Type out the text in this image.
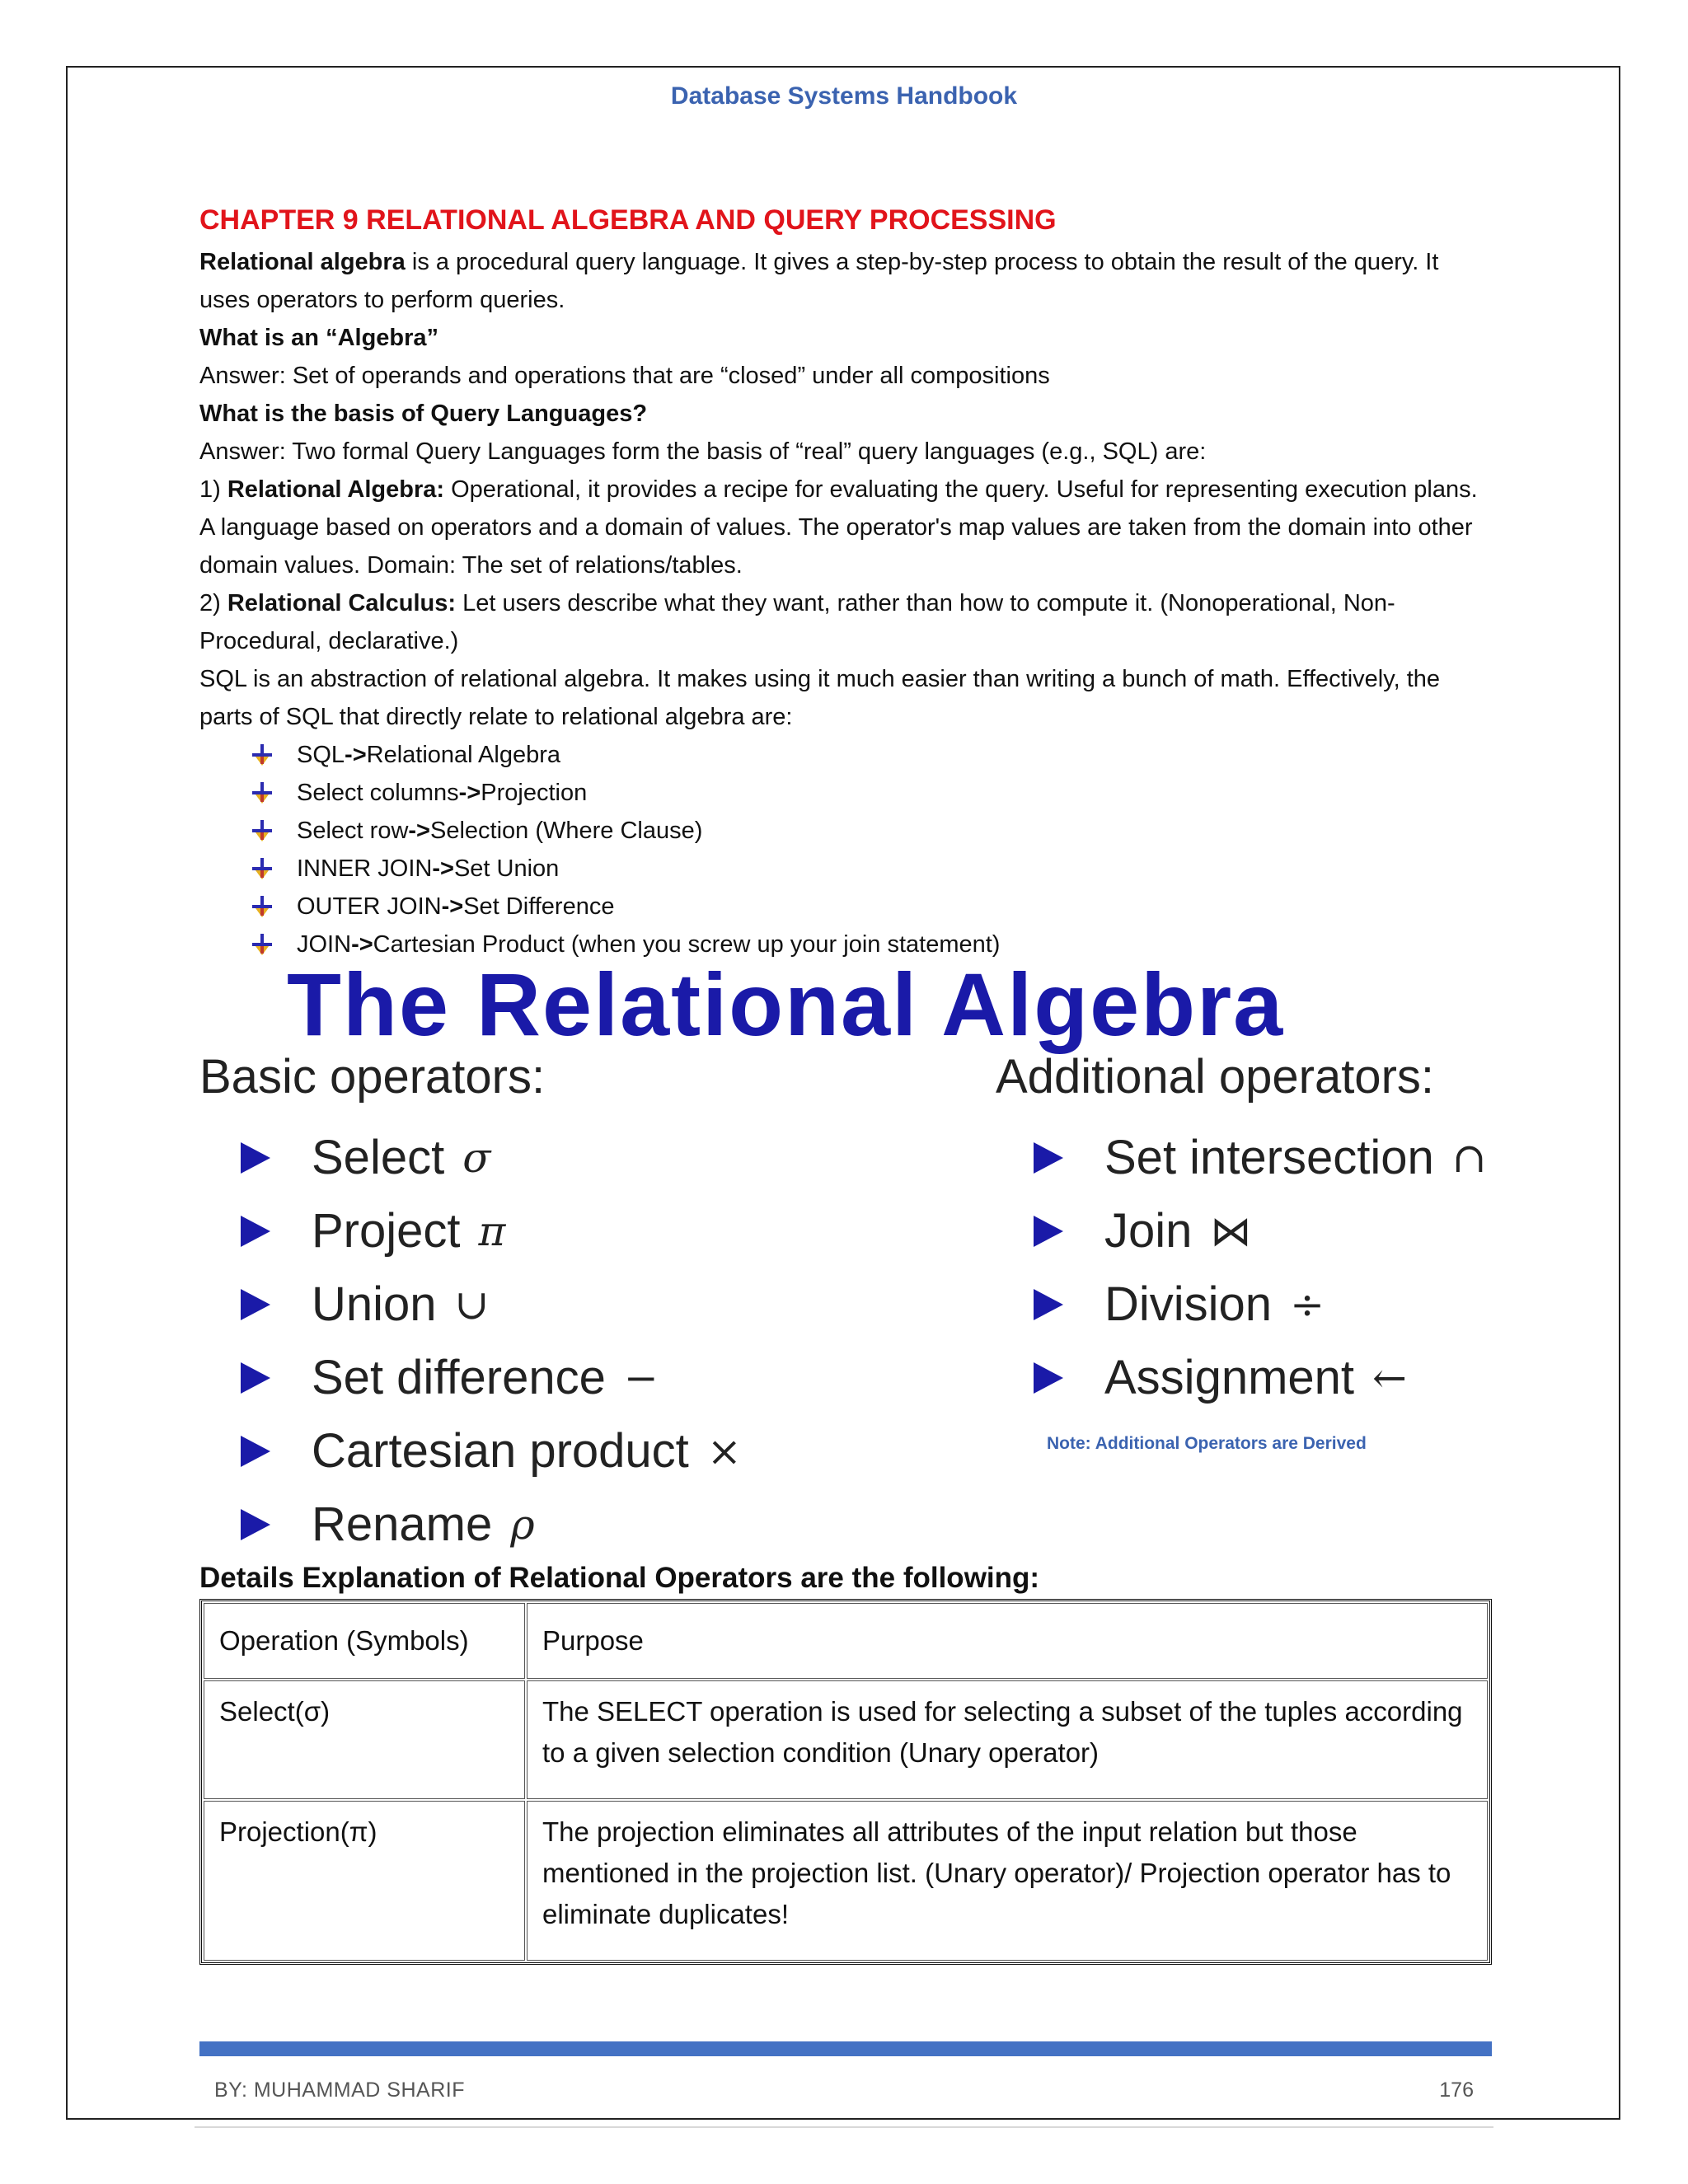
Database Systems Handbook
CHAPTER 9 RELATIONAL ALGEBRA AND QUERY PROCESSING

Relational algebra is a procedural query language. It gives a step-by-step process to obtain the result of the query. It uses operators to perform queries.

What is an “Algebra”

Answer: Set of operands and operations that are “closed” under all compositions

What is the basis of Query Languages?

Answer: Two formal Query Languages form the basis of “real” query languages (e.g., SQL) are:

1) Relational Algebra: Operational, it provides a recipe for evaluating the query. Useful for representing execution plans. A language based on operators and a domain of values. The operator's map values are taken from the domain into other domain values. Domain: The set of relations/tables.

2) Relational Calculus: Let users describe what they want, rather than how to compute it. (Nonoperational, Non-Procedural, declarative.)

SQL is an abstraction of relational algebra. It makes using it much easier than writing a bunch of math. Effectively, the parts of SQL that directly relate to relational algebra are:

SQL -> Relational Algebra
Select columns -> Projection
Select row -> Selection (Where Clause)
INNER JOIN -> Set Union
OUTER JOIN -> Set Difference
JOIN -> Cartesian Product (when you screw up your join statement)
The Relational Algebra
Basic operators:	Additional operators:
Select σ
Project π
Union ∪
Set difference −
Cartesian product ×
Rename ρ
Set intersection ∩
Join ⋈
Division ÷
Assignment ←
Note: Additional Operators are Derived
Details Explanation of Relational Operators are the following:
Operation (Symbols)	Purpose
Select(σ)	The SELECT operation is used for selecting a subset of the tuples according to a given selection condition (Unary operator)
Projection(π)	The projection eliminates all attributes of the input relation but those mentioned in the projection list. (Unary operator)/ Projection operator has to eliminate duplicates!
BY: MUHAMMAD SHARIF	176
